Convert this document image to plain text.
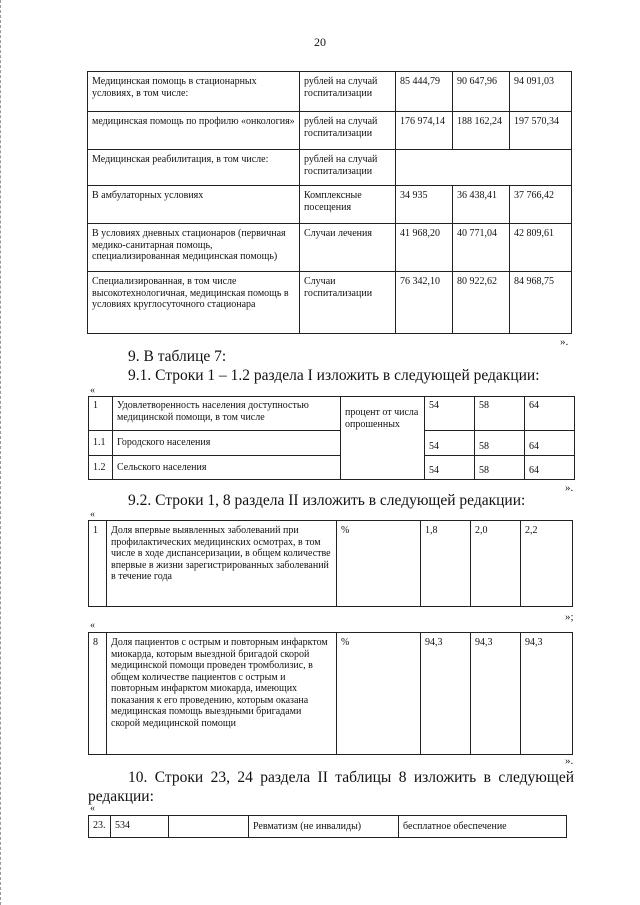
20
Медицинская помощь в стационарных условиях, в том числе:	рублей на случай госпитализации	85 444,79	90 647,96	94 091,03
медицинская помощь по профилю «онкология»	рублей на случай госпитализации	176 974,14	188 162,24	197 570,34
Медицинская реабилитация, в том числе:	рублей на случай госпитализации			
В амбулаторных условиях	Комплексные посещения	34 935	36 438,41	37 766,42
В условиях дневных стационаров (первичная медико-санитарная помощь, специализированная медицинская помощь)	Случаи лечения	41 968,20	40 771,04	42 809,61
Специализированная, в том числе высокотехнологичная, медицинская помощь в условиях круглосуточного стационара	Случаи госпитализации	76 342,10	80 922,62	84 968,75
».
9. В таблице 7:
9.1. Строки 1 – 1.2 раздела I изложить в следующей редакции:
«
1	Удовлетворенность населения доступностью медицинской помощи, в том числе	процент от числа опрошенных	54	58	64
1.1	Городского населения		54	58	64
1.2	Сельского населения		54	58	64
».
9.2. Строки 1, 8 раздела II изложить в следующей редакции:
«
1	Доля впервые выявленных заболеваний при профилактических медицинских осмотрах, в том числе в ходе диспансеризации, в общем количестве впервые в жизни зарегистрированных заболеваний в течение года	%	1,8	2,0	2,2
»;
«
8	Доля пациентов с острым и повторным инфарктом миокарда, которым выездной бригадой скорой медицинской помощи проведен тромболизис, в общем количестве пациентов с острым и повторным инфарктом миокарда, имеющих показания к его проведению, которым оказана медицинская помощь выездными бригадами скорой медицинской помощи	%	94,3	94,3	94,3
».
10. Строки 23, 24 раздела II таблицы 8 изложить в следующей редакции:
«
23.	534		Ревматизм (не инвалиды)	бесплатное обеспечение
